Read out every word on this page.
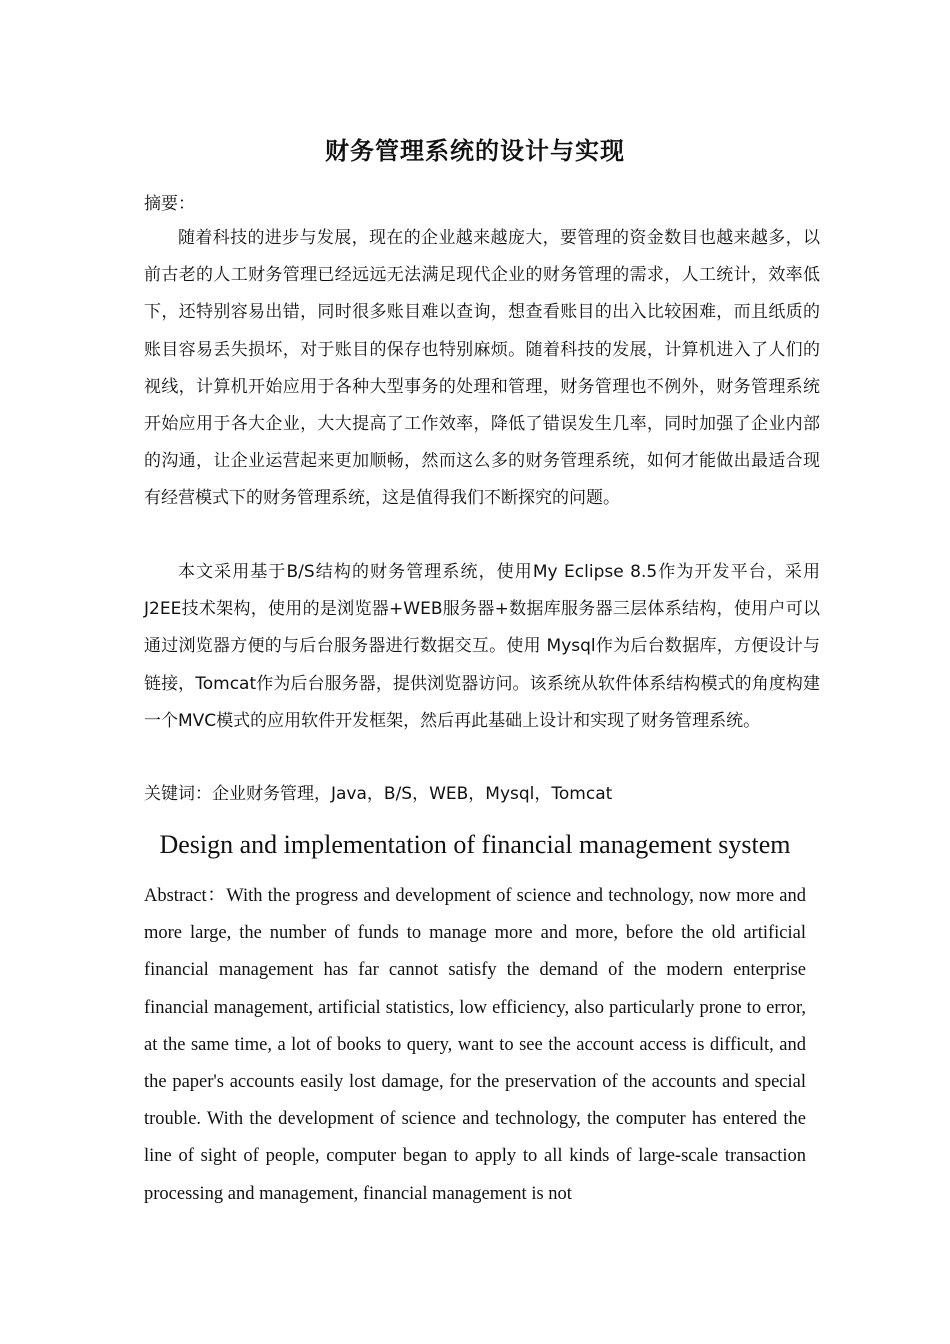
财务管理系统的设计与实现
摘要：

随着科技的进步与发展，现在的企业越来越庞大，要管理的资金数目也越来越多，以前古老的人工财务管理已经远远无法满足现代企业的财务管理的需求，人工统计，效率低下，还特别容易出错，同时很多账目难以查询，想查看账目的出入比较困难，而且纸质的账目容易丢失损坏，对于账目的保存也特别麻烦。随着科技的发展，计算机进入了人们的视线，计算机开始应用于各种大型事务的处理和管理，财务管理也不例外，财务管理系统开始应用于各大企业，大大提高了工作效率，降低了错误发生几率，同时加强了企业内部的沟通，让企业运营起来更加顺畅，然而这么多的财务管理系统，如何才能做出最适合现有经营模式下的财务管理系统，这是值得我们不断探究的问题。

本文采用基于B/S结构的财务管理系统，使用My Eclipse 8.5作为开发平台，采用J2EE技术架构，使用的是浏览器+WEB服务器+数据库服务器三层体系结构，使用户可以通过浏览器方便的与后台服务器进行数据交互。使用 Mysql作为后台数据库，方便设计与链接，Tomcat作为后台服务器，提供浏览器访问。该系统从软件体系结构模式的角度构建一个MVC模式的应用软件开发框架，然后再此基础上设计和实现了财务管理系统。

关键词：企业财务管理，Java，B/S，WEB，Mysql，Tomcat
Design and implementation of financial management system

Abstract：With the progress and development of science and technology, now more and more large, the number of funds to manage more and more, before the old artificial financial management has far cannot satisfy the demand of the modern enterprise financial management, artificial statistics, low efficiency, also particularly prone to error, at the same time, a lot of books to query, want to see the account access is difficult, and the paper's accounts easily lost damage, for the preservation of the accounts and special trouble. With the development of science and technology, the computer has entered the line of sight of people, computer began to apply to all kinds of large-scale transaction processing and management, financial management is not
